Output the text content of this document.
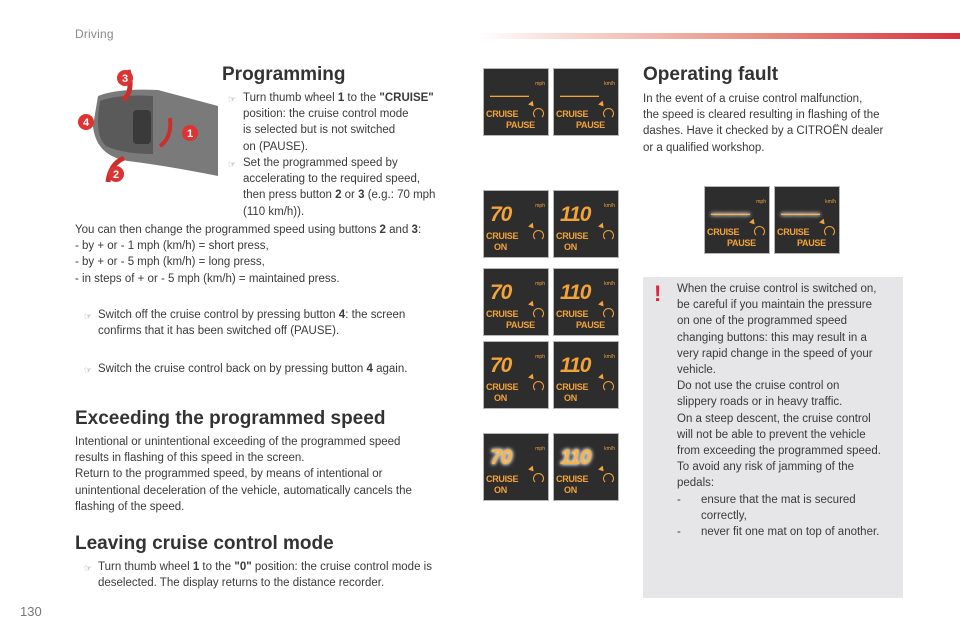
Driving
3
4
1
2
Programming
☞ Turn thumb wheel 1 to the "CRUISE"
position: the cruise control mode
is selected but is not switched
on (PAUSE).
☞ Set the programmed speed by
accelerating to the required speed,
then press button 2 or 3 (e.g.: 70 mph
(110 km/h)).
You can then change the programmed speed using buttons 2 and 3:
- by + or - 1 mph (km/h) = short press,
- by + or - 5 mph (km/h) = long press,
- in steps of + or - 5 mph (km/h) = maintained press.
☞ Switch off the cruise control by pressing button 4: the screen
confirms that it has been switched off (PAUSE).
☞ Switch the cruise control back on by pressing button 4 again.
Exceeding the programmed speed
Intentional or unintentional exceeding of the programmed speed
results in flashing of this speed in the screen.
Return to the programmed speed, by means of intentional or
unintentional deceleration of the vehicle, automatically cancels the
flashing of the speed.
Leaving cruise control mode
☞ Turn thumb wheel 1 to the "0" position: the cruise control mode is
deselected. The display returns to the distance recorder.
Operating fault
In the event of a cruise control malfunction,
the speed is cleared resulting in flashing of the
dashes. Have it checked by a CITROËN dealer
or a qualified workshop.
! When the cruise control is switched on,
be careful if you maintain the pressure
on one of the programmed speed
changing buttons: this may result in a
very rapid change in the speed of your
vehicle.
Do not use the cruise control on
slippery roads or in heavy traffic.
On a steep descent, the cruise control
will not be able to prevent the vehicle
from exceeding the programmed speed.
To avoid any risk of jamming of the
pedals:
- ensure that the mat is secured
correctly,
- never fit one mat on top of another.
———
mph
CRUISE
PAUSE
———
km/h
CRUISE
PAUSE
70	mph
CRUISE
ON
110	km/h
CRUISE
ON
70	mph
CRUISE
PAUSE
110	km/h
CRUISE
PAUSE
70	mph
CRUISE
ON
110	km/h
CRUISE
ON
70	mph
CRUISE
ON
110	km/h
CRUISE
ON
———
mph
CRUISE
PAUSE
———
km/h
CRUISE
PAUSE
130
